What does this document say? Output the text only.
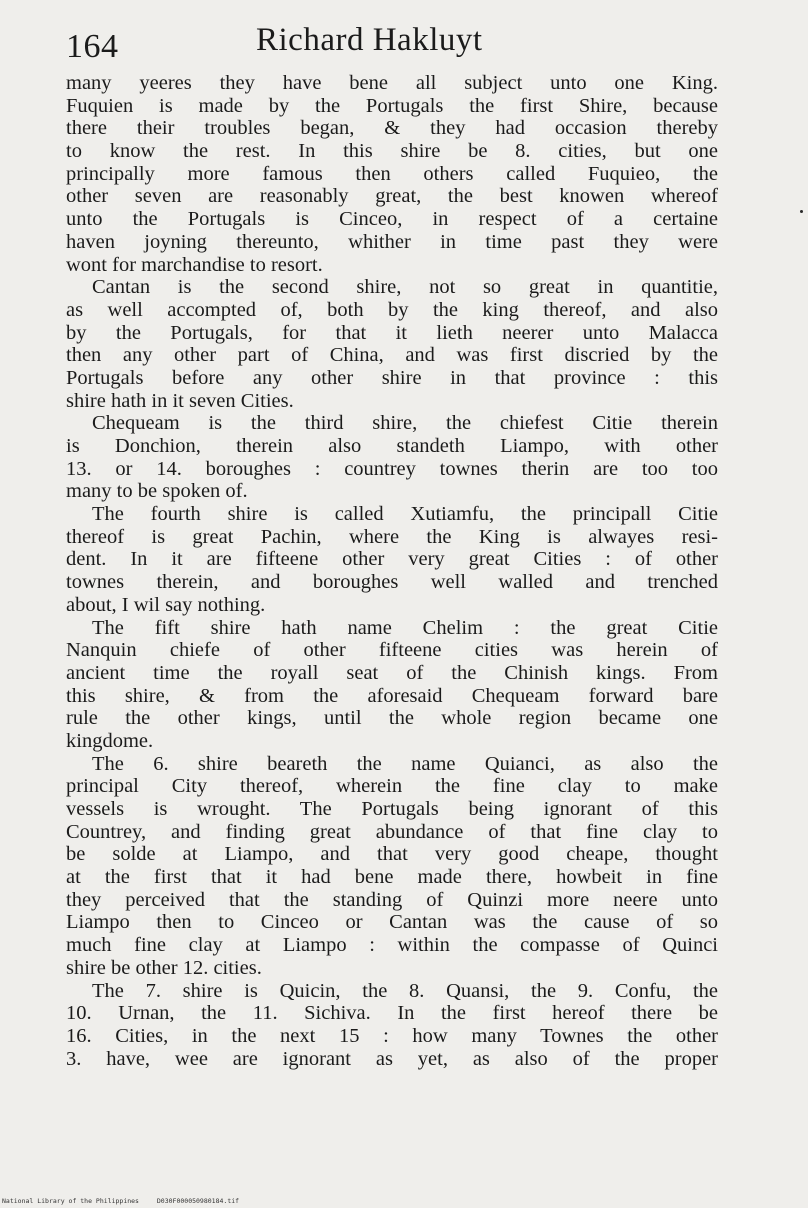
164	Richard Hakluyt
many yeeres they have bene all subject unto one King.
Fuquien is made by the Portugals the first Shire, because
there their troubles began, & they had occasion thereby
to know the rest. In this shire be 8. cities, but one
principally more famous then others called Fuquieo, the
other seven are reasonably great, the best knowen whereof
unto the Portugals is Cinceo, in respect of a certaine
haven joyning thereunto, whither in time past they were
wont for marchandise to resort.
Cantan is the second shire, not so great in quantitie,
as well accompted of, both by the king thereof, and also
by the Portugals, for that it lieth neerer unto Malacca
then any other part of China, and was first discried by the
Portugals before any other shire in that province : this
shire hath in it seven Cities.
Chequeam is the third shire, the chiefest Citie therein
is Donchion, therein also standeth Liampo, with other
13. or 14. boroughes : countrey townes therin are too too
many to be spoken of.
The fourth shire is called Xutiamfu, the principall Citie
thereof is great Pachin, where the King is alwayes resi-
dent. In it are fifteene other very great Cities : of other
townes therein, and boroughes well walled and trenched
about, I wil say nothing.
The fift shire hath name Chelim : the great Citie
Nanquin chiefe of other fifteene cities was herein of
ancient time the royall seat of the Chinish kings. From
this shire, & from the aforesaid Chequeam forward bare
rule the other kings, until the whole region became one
kingdome.
The 6. shire beareth the name Quianci, as also the
principal City thereof, wherein the fine clay to make
vessels is wrought. The Portugals being ignorant of this
Countrey, and finding great abundance of that fine clay to
be solde at Liampo, and that very good cheape, thought
at the first that it had bene made there, howbeit in fine
they perceived that the standing of Quinzi more neere unto
Liampo then to Cinceo or Cantan was the cause of so
much fine clay at Liampo : within the compasse of Quinci
shire be other 12. cities.
The 7. shire is Quicin, the 8. Quansi, the 9. Confu, the
10. Urnan, the 11. Sichiva. In the first hereof there be
16. Cities, in the next 15 : how many Townes the other
3. have, wee are ignorant as yet, as also of the proper
National Library of the Philippines	D030F000050980184.tif
